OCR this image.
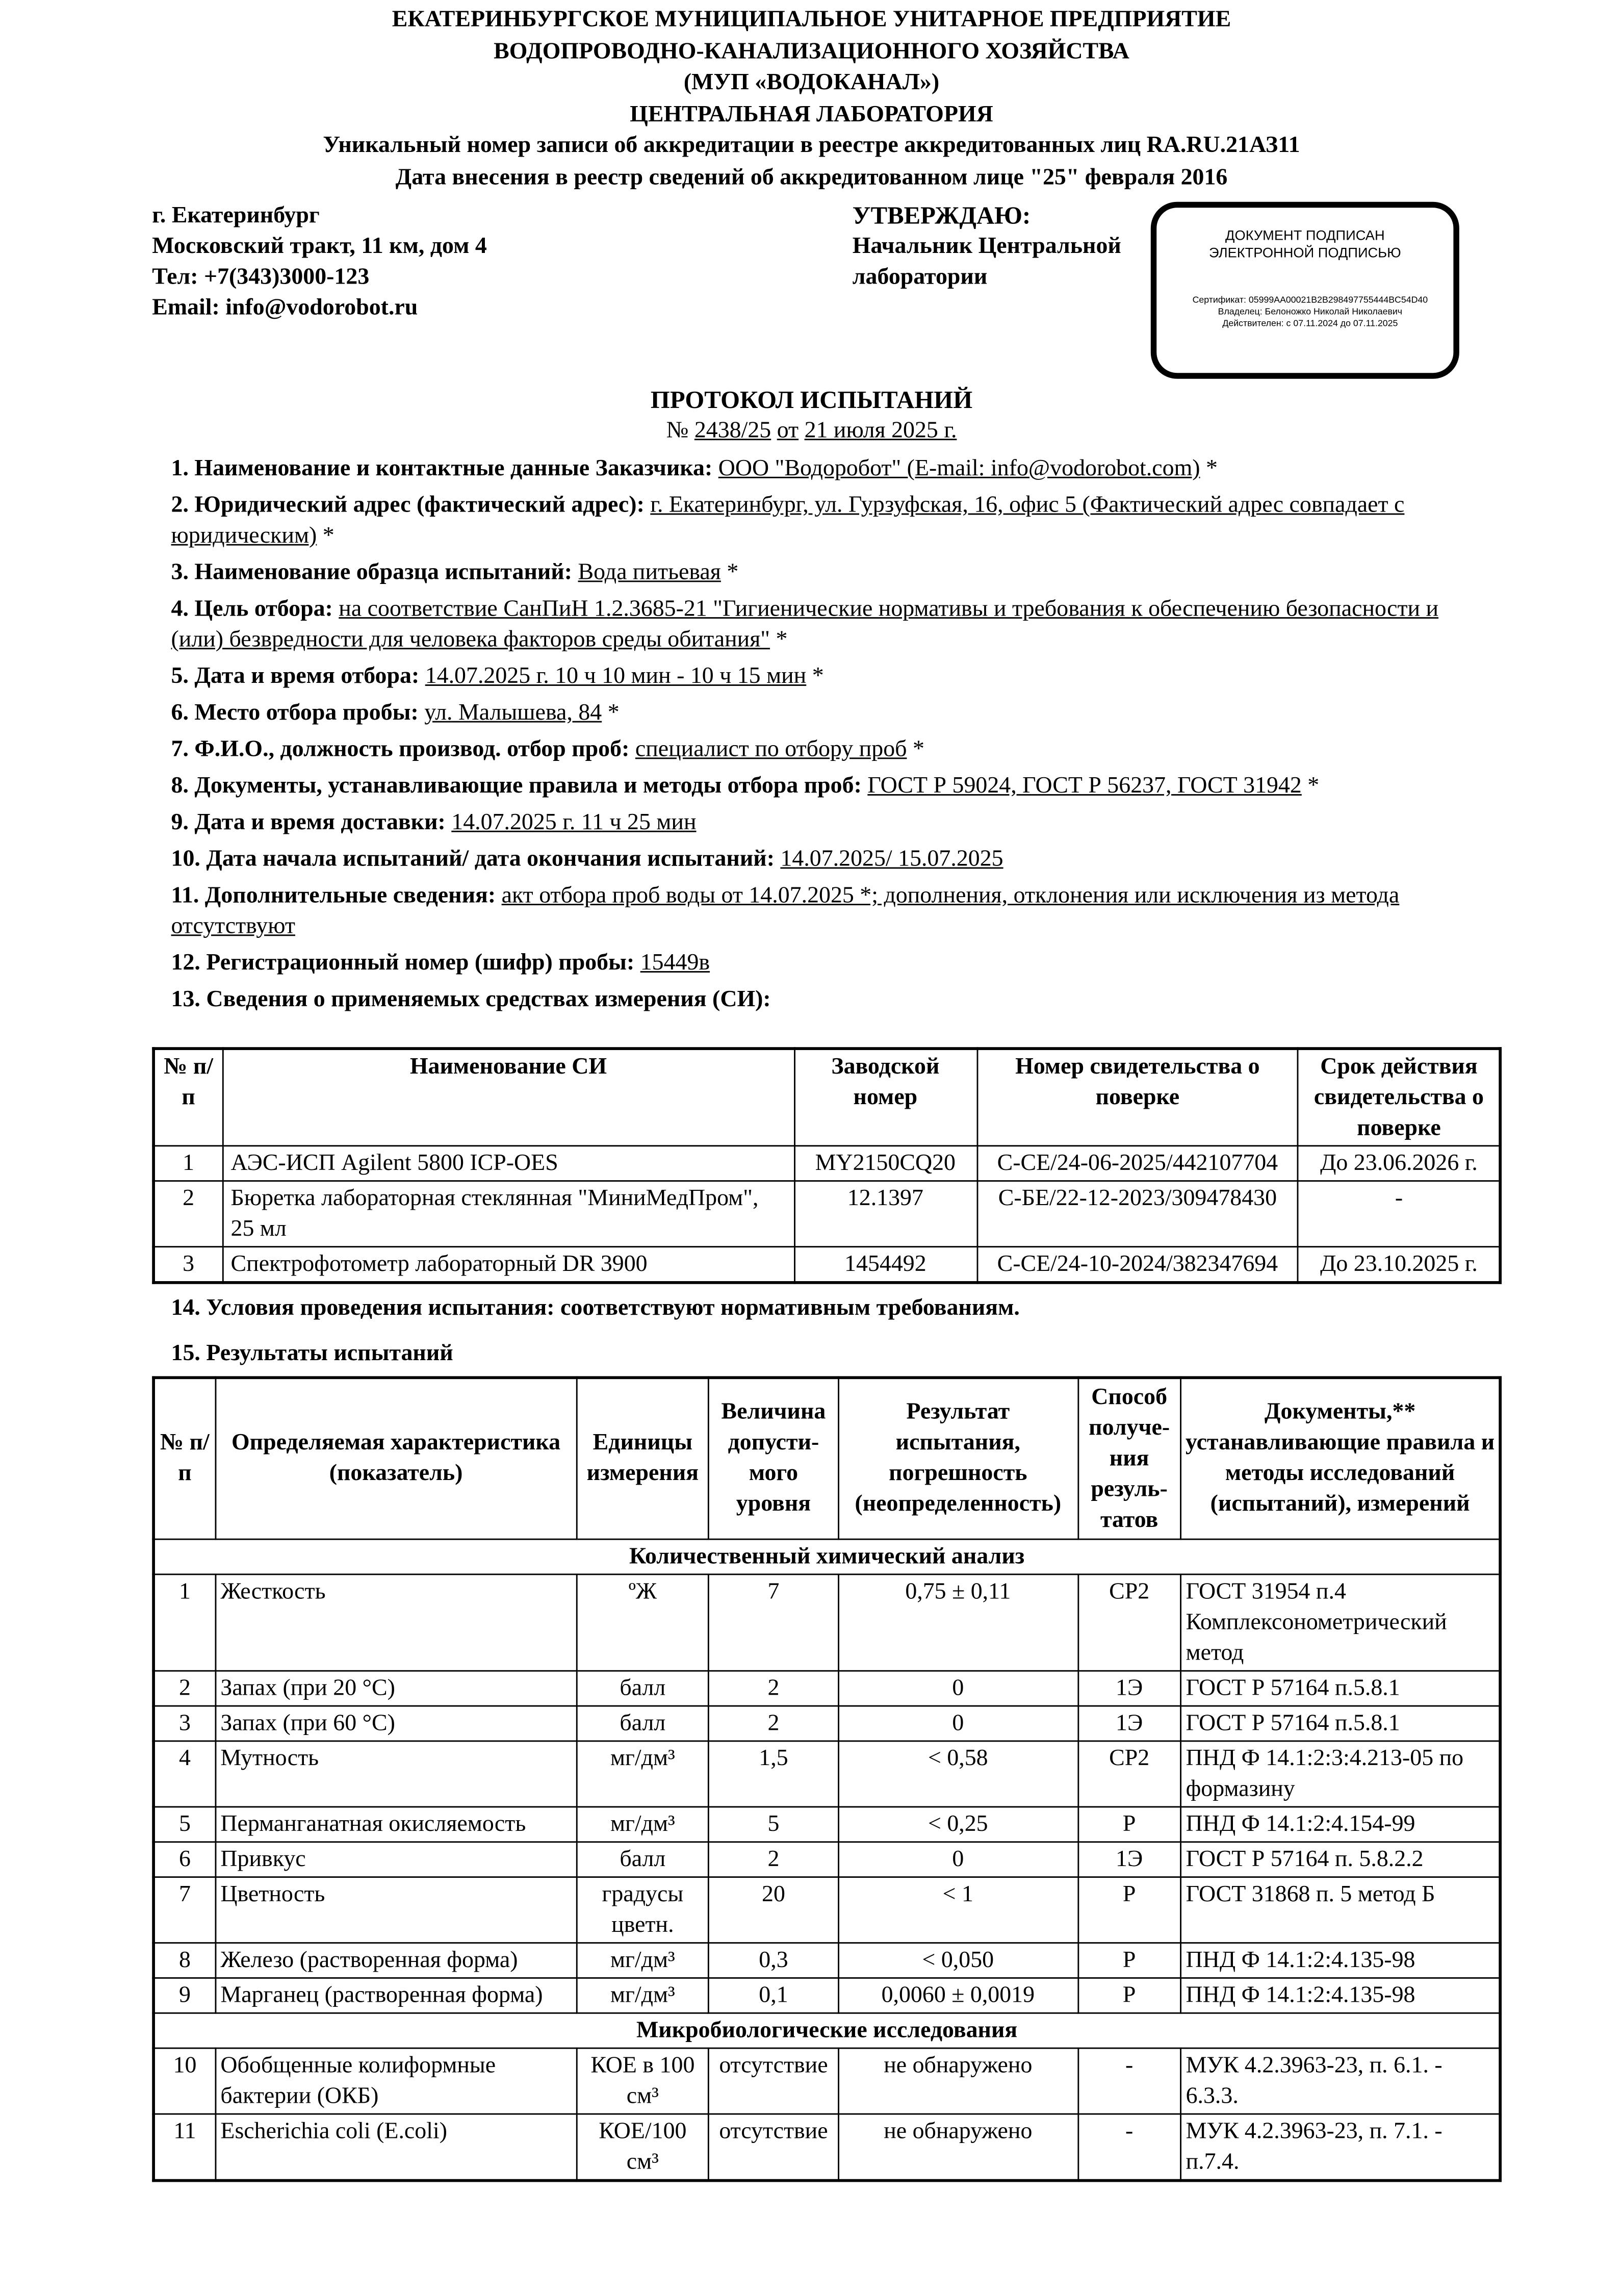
ЕКАТЕРИНБУРГСКОЕ МУНИЦИПАЛЬНОЕ УНИТАРНОЕ ПРЕДПРИЯТИЕ
ВОДОПРОВОДНО-КАНАЛИЗАЦИОННОГО ХОЗЯЙСТВА
(МУП «ВОДОКАНАЛ»)
ЦЕНТРАЛЬНАЯ ЛАБОРАТОРИЯ
Уникальный номер записи об аккредитации в реестре аккредитованных лиц RA.RU.21АЗ11
Дата внесения в реестр сведений об аккредитованном лице "25" февраля 2016
г. Екатеринбург
Московский тракт, 11 км, дом 4
Тел: +7(343)3000-123
Email: info@vodorobot.ru
УТВЕРЖДАЮ:
Начальник Центральной
лаборатории
ДОКУМЕНТ ПОДПИСАН
ЭЛЕКТРОННОЙ ПОДПИСЬЮ
Сертификат: 05999AA00021B2B298497755444BC54D40
Владелец: Белоножко Николай Николаевич
Действителен: с 07.11.2024 до 07.11.2025
ПРОТОКОЛ ИСПЫТАНИЙ
№ 2438/25 от 21 июля 2025 г.
1. Наименование и контактные данные Заказчика: ООО "Водоробот" (E-mail: info@vodorobot.com) *
2. Юридический адрес (фактический адрес): г. Екатеринбург, ул. Гурзуфская, 16, офис 5 (Фактический адрес совпадает с юридическим) *
3. Наименование образца испытаний: Вода питьевая *
4. Цель отбора: на соответствие СанПиН 1.2.3685-21 "Гигиенические нормативы и требования к обеспечению безопасности и (или) безвредности для человека факторов среды обитания" *
5. Дата и время отбора: 14.07.2025 г. 10 ч 10 мин - 10 ч 15 мин *
6. Место отбора пробы: ул. Малышева, 84 *
7. Ф.И.О., должность производ. отбор проб: специалист по отбору проб *
8. Документы, устанавливающие правила и методы отбора проб: ГОСТ Р 59024, ГОСТ Р 56237, ГОСТ 31942 *
9. Дата и время доставки: 14.07.2025 г. 11 ч 25 мин
10. Дата начала испытаний/ дата окончания испытаний: 14.07.2025/ 15.07.2025
11. Дополнительные сведения: акт отбора проб воды от 14.07.2025 *; дополнения, отклонения или исключения из метода отсутствуют
12. Регистрационный номер (шифр) пробы: 15449в
13. Сведения о применяемых средствах измерения (СИ):
№ п/п	Наименование СИ	Заводской номер	Номер свидетельства о поверке	Срок действия свидетельства о поверке
1	АЭС-ИСП Agilent 5800 ICP-OES	MY2150CQ20	С-СЕ/24-06-2025/442107704	До 23.06.2026 г.
2	Бюретка лабораторная стеклянная "МиниМедПром", 25 мл	12.1397	С-БЕ/22-12-2023/309478430	-
3	Спектрофотометр лабораторный DR 3900	1454492	С-СЕ/24-10-2024/382347694	До 23.10.2025 г.
14. Условия проведения испытания: соответствуют нормативным требованиям.
15. Результаты испытаний
№ п/п	Определяемая характеристика (показатель)	Единицы измерения	Величина допусти-мого уровня	Результат испытания, погрешность (неопределенность)	Способ получе-ния резуль-татов	Документы,** устанавливающие правила и методы исследований (испытаний), измерений
Количественный химический анализ						
1	Жесткость	ºЖ	7	0,75 ± 0,11	СР2	ГОСТ 31954 п.4 Комплексонометрический метод
2	Запах (при 20 °С)	балл	2	0	1Э	ГОСТ Р 57164 п.5.8.1
3	Запах (при 60 °С)	балл	2	0	1Э	ГОСТ Р 57164 п.5.8.1
4	Мутность	мг/дм³	1,5	< 0,58	СР2	ПНД Ф 14.1:2:3:4.213-05 по формазину
5	Перманганатная окисляемость	мг/дм³	5	< 0,25	Р	ПНД Ф 14.1:2:4.154-99
6	Привкус	балл	2	0	1Э	ГОСТ Р 57164 п. 5.8.2.2
7	Цветность	градусы цветн.	20	< 1	Р	ГОСТ 31868 п. 5 метод Б
8	Железо (растворенная форма)	мг/дм³	0,3	< 0,050	Р	ПНД Ф 14.1:2:4.135-98
9	Марганец (растворенная форма)	мг/дм³	0,1	0,0060 ± 0,0019	Р	ПНД Ф 14.1:2:4.135-98
Микробиологические исследования						
10	Обобщенные колиформные бактерии (ОКБ)	КОЕ в 100 см³	отсутствие	не обнаружено	-	МУК 4.2.3963-23, п. 6.1. - 6.3.3.
11	Escherichia coli (E.coli)	КОЕ/100 см³	отсутствие	не обнаружено	-	МУК 4.2.3963-23, п. 7.1. - п.7.4.
